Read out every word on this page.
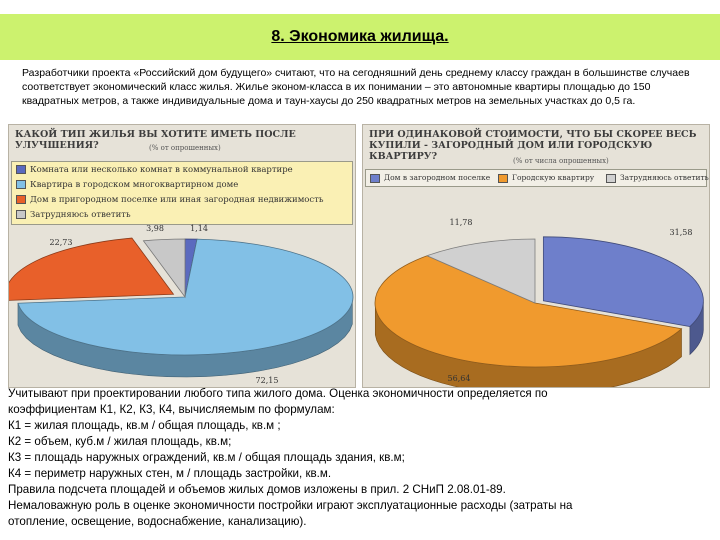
8. Экономика жилища.

Разработчики проекта «Российский дом будущего» считают, что на сегодняшний день среднему классу граждан в большинстве случаев соответствует экономический класс жилья. Жилье эконом-класса в их понимании – это автономные квартиры площадью до 150 квадратных метров, а также индивидуальные дома и таун-хаусы до 250 квадратных метров на земельных участках до 0,5 га.

КАКОЙ ТИП ЖИЛЬЯ ВЫ ХОТИТЕ ИМЕТЬ ПОСЛЕ УЛУЧШЕНИЯ?	(% от опрошенных)
Комната или несколько комнат в коммунальной квартире
Квартира в городском многоквартирном доме
Дом в пригородном поселке или иная загородная недвижимость
Затрудняюсь ответить
1,14
72,15
22,73
3,98

ПРИ ОДИНАКОВОЙ СТОИМОСТИ, ЧТО БЫ СКОРЕЕ ВЕСЬ КУПИЛИ - ЗАГОРОДНЫЙ ДОМ ИЛИ ГОРОДСКУЮ КВАРТИРУ?	(% от числа опрошенных)
Дом в загородном поселке	Городскую квартиру	Затрудняюсь ответить
31,58
56,64
11,78
Учитывают при проектировании любого типа жилого дома. Оценка экономичности определяется по
коэффициентам К1, К2, К3, К4, вычисляемым по формулам:
К1 = жилая площадь, кв.м / общая площадь, кв.м ;
К2 = объем, куб.м / жилая площадь, кв.м;
К3 = площадь наружных ограждений, кв.м / общая площадь здания, кв.м;
К4 = периметр наружных стен, м / площадь застройки, кв.м.
Правила подсчета площадей и объемов жилых домов изложены в прил. 2 СНиП 2.08.01-89.
Немаловажную роль в оценке экономичности постройки играют эксплуатационные расходы (затраты на
отопление, освещение, водоснабжение, канализацию).
